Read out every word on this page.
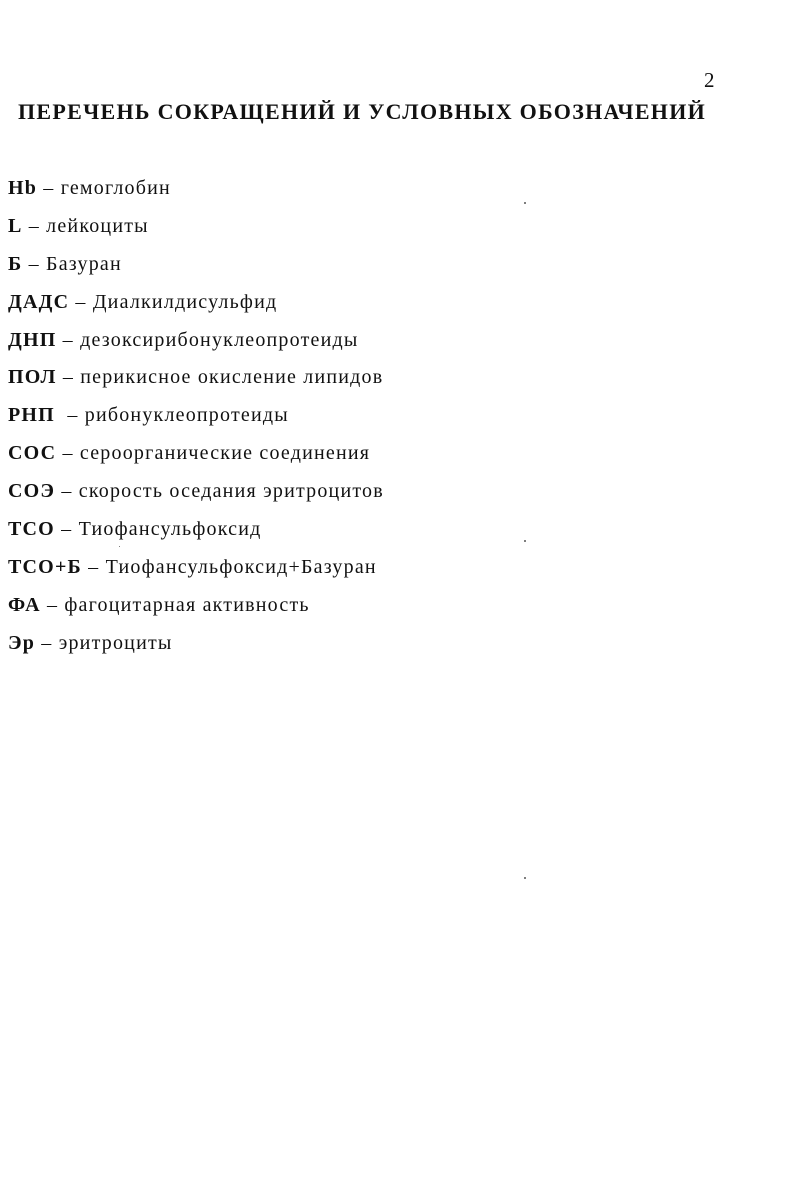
2
ПЕРЕЧЕНЬ СОКРАЩЕНИЙ И УСЛОВНЫХ ОБОЗНАЧЕНИЙ
Hb – гемоглобин
L – лейкоциты
Б – Базуран
ДАДС – Диалкилдисульфид
ДНП – дезоксирибонуклеопротеиды
ПОЛ – перикисное окисление липидов
РНП  – рибонуклеопротеиды
СОС – сероорганические соединения
СОЭ – скорость оседания эритроцитов
ТСО – Тиофансульфоксид
ТСО+Б – Тиофансульфоксид+Базуран
ФА – фагоцитарная активность
Эр – эритроциты
